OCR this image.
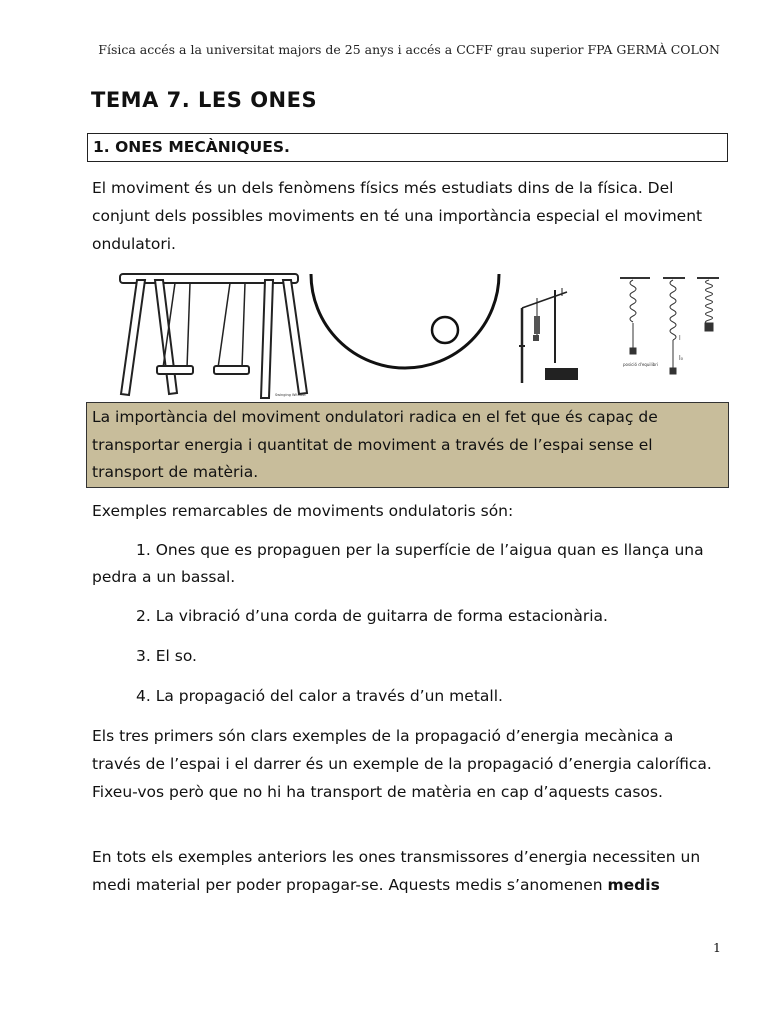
Física accés a la universitat majors de 25 anys i accés a CCFF grau superior FPA GERMÀ COLON
TEMA 7. LES ONES
1. ONES MECÀNIQUES.
El moviment és un dels fenòmens físics més estudiats dins de la física. Del conjunt dels possibles moviments en té una importància especial el moviment ondulatori.
Swinging Without
posició d'equilibri
l
l₀
La importància del moviment ondulatori radica en el fet que és capaç de transportar energia i quantitat de moviment a través de l’espai sense el transport de matèria.
Exemples remarcables de moviments ondulatoris són:
1. Ones que es propaguen per la superfície de l’aigua quan es llança una pedra a un bassal.
2. La vibració d’una corda de guitarra de forma estacionària.
3. El so.
4. La propagació del calor a través d’un metall.
Els tres primers són clars exemples de la propagació d’energia mecànica a través de l’espai i el darrer és un exemple de la propagació d’energia calorífica. Fixeu-vos però que no hi ha transport de matèria en cap d’aquests casos.
En tots els exemples anteriors les ones transmissores d’energia necessiten un medi material per poder propagar-se. Aquests medis s’anomenen medis
1
